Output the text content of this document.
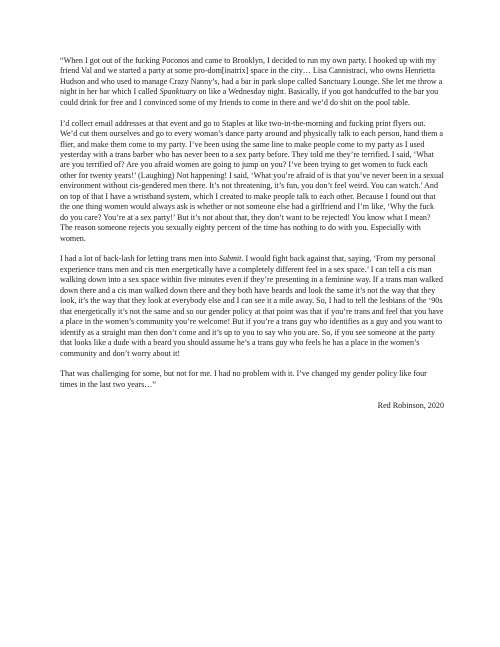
“When I got out of the fucking Poconos and came to Brooklyn, I decided to run my own party. I hooked up with my friend Val and we started a party at some pro-dom[inatrix] space in the city… Lisa Cannistraci, who owns Henrietta Hudson and who used to manage Crazy Nanny’s, had a bar in park slope called Sanctuary Lounge. She let me throw a night in her bar which I called Spanktuary on like a Wednesday night. Basically, if you got handcuffed to the bar you could drink for free and I convinced some of my friends to come in there and we’d do shit on the pool table.

I’d collect email addresses at that event and go to Staples at like two-in-the-morning and fucking print flyers out. We’d cut them ourselves and go to every woman’s dance party around and physically talk to each person, hand them a flier, and make them come to my party. I’ve been using the same line to make people come to my party as I used yesterday with a trans barber who has never been to a sex party before. They told me they’re terrified. I said, ‘What are you terrified of? Are you afraid women are going to jump on you? I’ve been trying to get women to fuck each other for twenty years!’ (Laughing) Not happening! I said, ‘What you’re afraid of is that you’ve never been in a sexual environment without cis-gendered men there. It’s not threatening, it’s fun, you don’t feel weird. You can watch.’ And on top of that I have a wristband system, which I created to make people talk to each other. Because I found out that the one thing women would always ask is whether or not someone else had a girlfriend and I’m like, ‘Why the fuck do you care? You’re at a sex party!’ But it’s not about that, they don’t want to be rejected! You know what I mean? The reason someone rejects you sexually eighty percent of the time has nothing to do with you. Especially with women.

I had a lot of back-lash for letting trans men into Submit. I would fight back against that, saying, ‘From my personal experience trans men and cis men energetically have a completely different feel in a sex space.’ I can tell a cis man walking down into a sex space within five minutes even if they’re presenting in a feminine way. If a trans man walked down there and a cis man walked down there and they both have beards and look the same it’s not the way that they look, it’s the way that they look at everybody else and I can see it a mile away. So, I had to tell the lesbians of the ‘90s that energetically it’s not the same and so our gender policy at that point was that if you’re trans and feel that you have a place in the women’s community you’re welcome! But if you’re a trans guy who identifies as a guy and you want to identify as a straight man then don’t come and it’s up to you to say who you are. So, if you see someone at the party that looks like a dude with a beard you should assume he’s a trans guy who feels he has a place in the women’s community and don’t worry about it!

That was challenging for some, but not for me. I had no problem with it. I’ve changed my gender policy like four times in the last two years…”

Red Robinson, 2020
